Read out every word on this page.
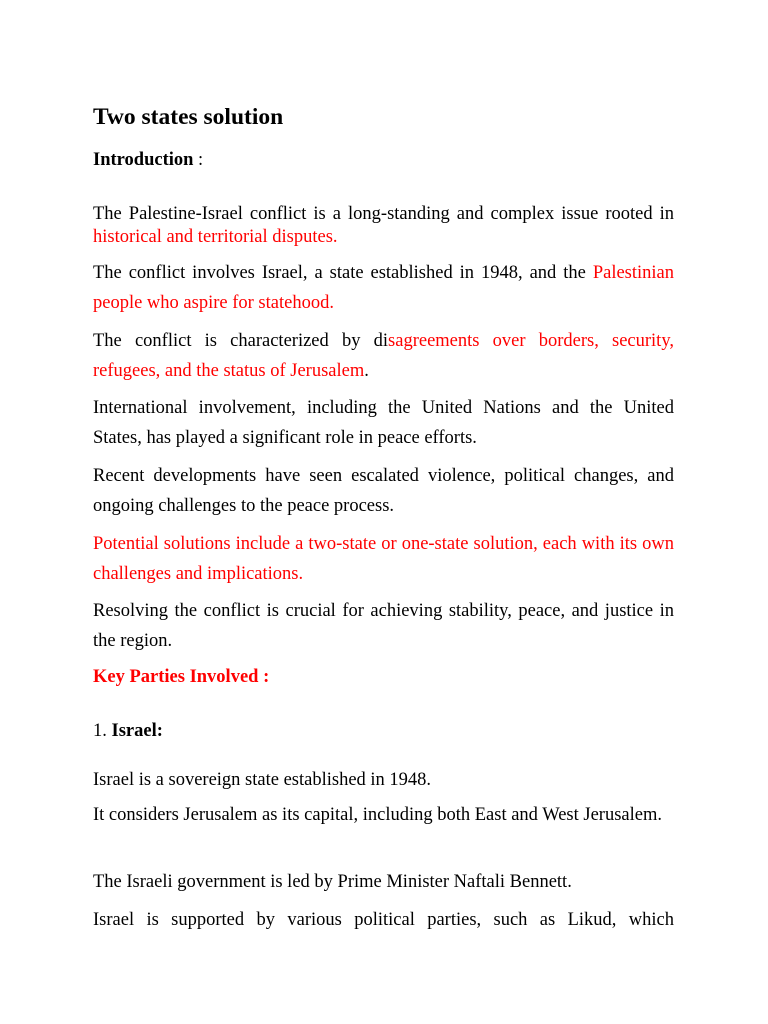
Two states solution

Introduction :

The Palestine-Israel conflict is a long-standing and complex issue rooted in historical and territorial disputes.

The conflict involves Israel, a state established in 1948, and the Palestinian people who aspire for statehood.

The conflict is characterized by disagreements over borders, security, refugees, and the status of Jerusalem.

International involvement, including the United Nations and the United States, has played a significant role in peace efforts.

Recent developments have seen escalated violence, political changes, and ongoing challenges to the peace process.

Potential solutions include a two-state or one-state solution, each with its own challenges and implications.

Resolving the conflict is crucial for achieving stability, peace, and justice in the region.

Key Parties Involved :

1. Israel:

Israel is a sovereign state established in 1948.

It considers Jerusalem as its capital, including both East and West Jerusalem.

The Israeli government is led by Prime Minister Naftali Bennett.

Israel is supported by various political parties, such as Likud, which
